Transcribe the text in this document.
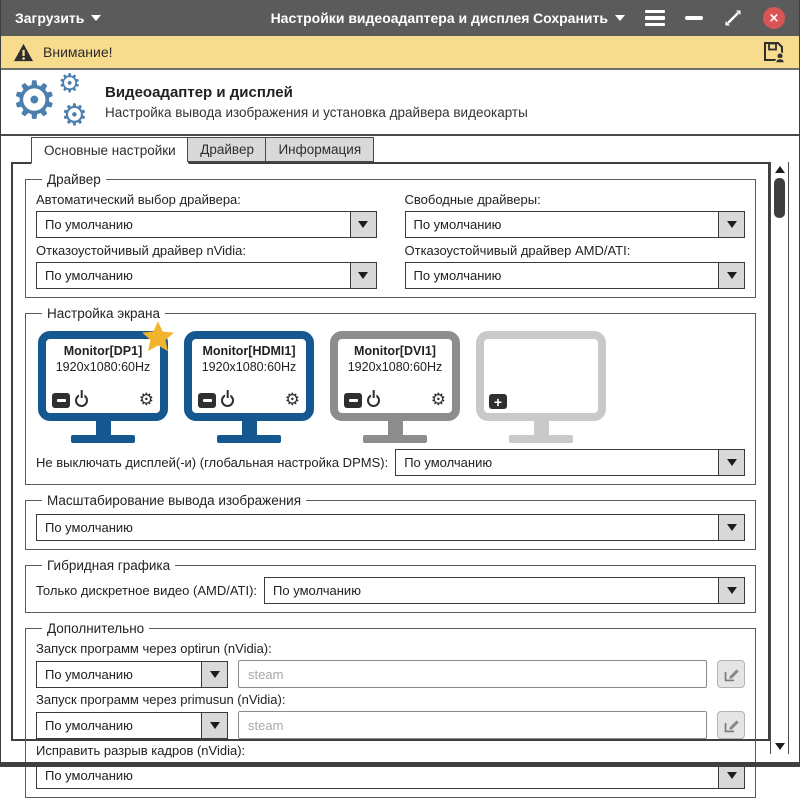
Загрузить	Настройки видеоадаптера и дисплея Сохранить	×
Внимание!
⚙ ⚙
⚙
Видеоадаптер и дисплей
Настройка вывода изображения и установка драйвера видеокарты
Основные настройки	Драйвер	Информация
Драйвер
Автоматический выбор драйвера:
По умолчанию
Свободные драйверы:
По умолчанию
Отказоустойчивый драйвер nVidia:
По умолчанию
Отказоустойчивый драйвер AMD/ATI:
По умолчанию
Настройка экрана
Monitor[DP1]
1920x1080:60Hz
⚙
Monitor[HDMI1]
1920x1080:60Hz
⚙
Monitor[DVI1]
1920x1080:60Hz
⚙	+
Не выключать дисплей(-и) (глобальная настройка DPMS):	По умолчанию
Масштабирование вывода изображения
По умолчанию
Гибридная графика
Только дискретное видео (AMD/ATI):	По умолчанию
Дополнительно
Запуск программ через optirun (nVidia):
По умолчанию
steam
Запуск программ через primusun (nVidia):
По умолчанию
steam
Исправить разрыв кадров (nVidia):
По умолчанию
